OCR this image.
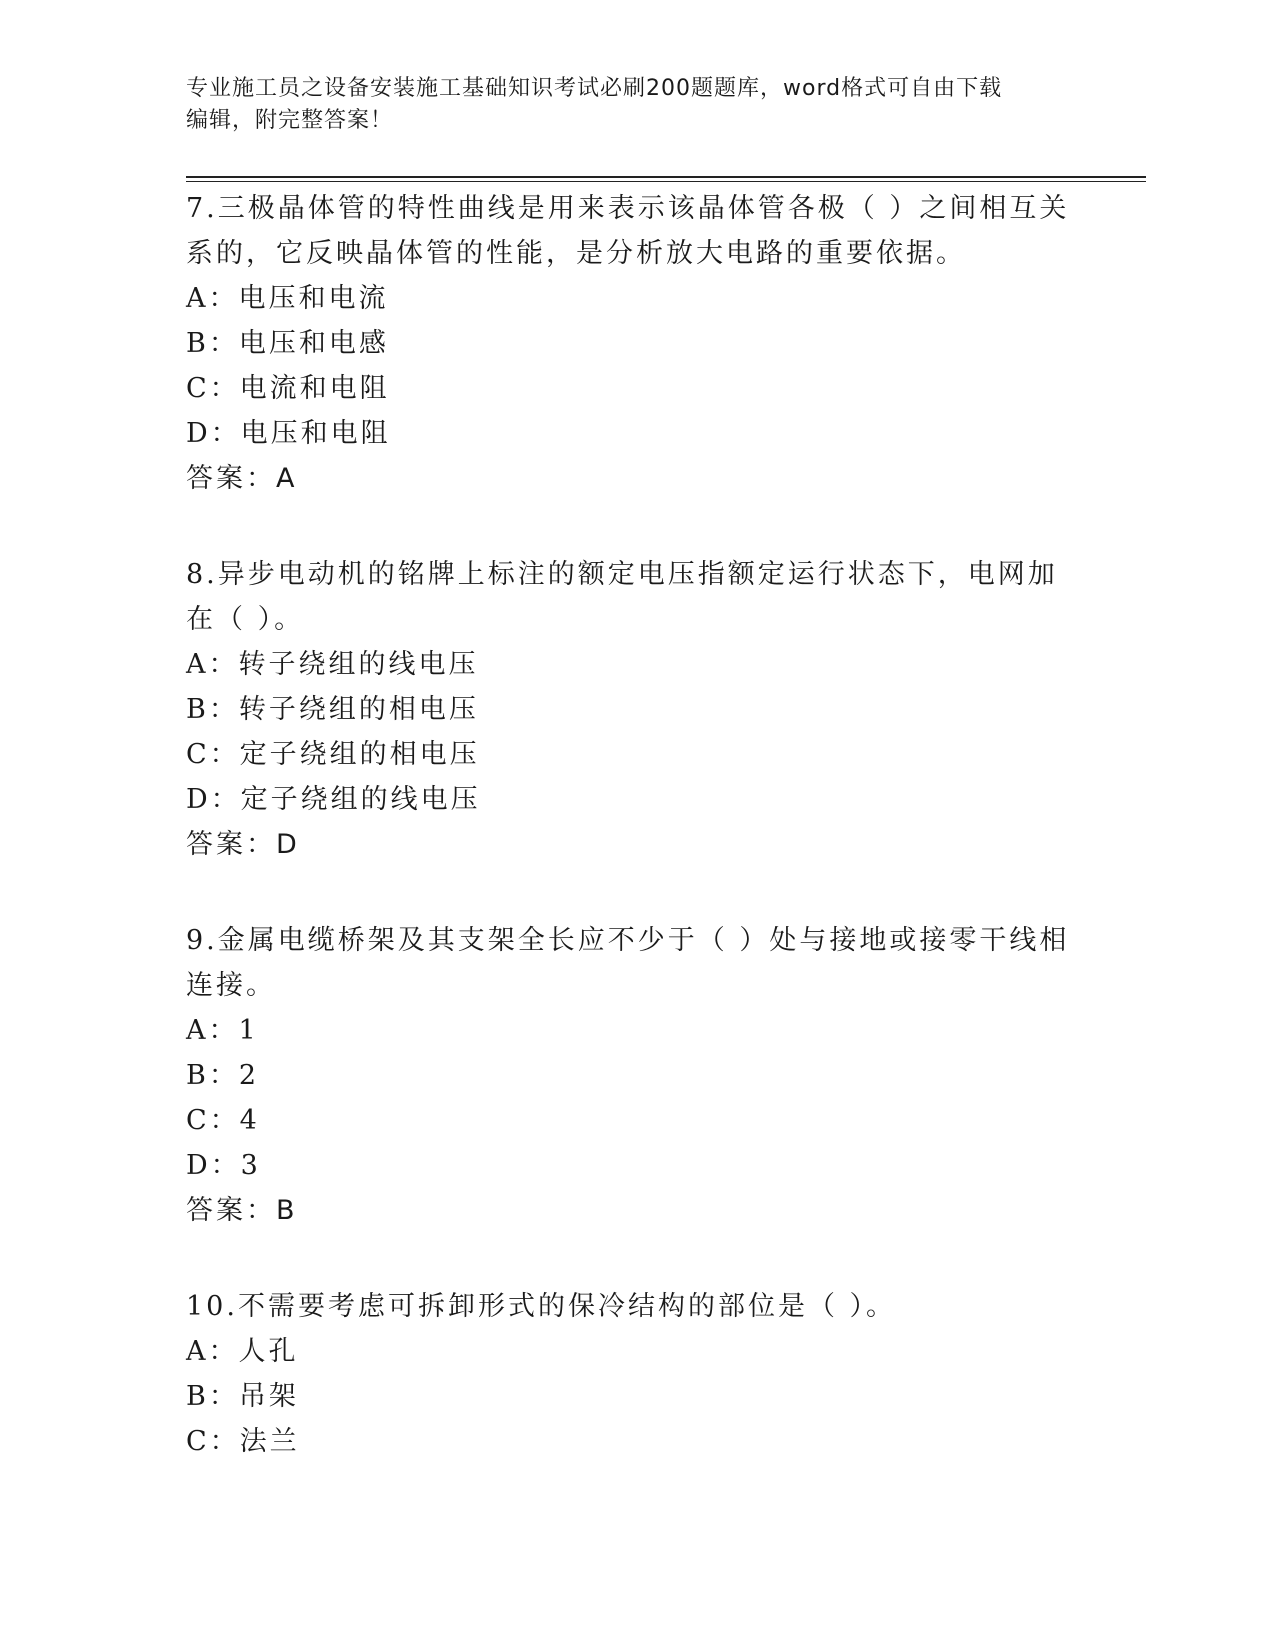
专业施工员之设备安装施工基础知识考试必刷200题题库，word格式可自由下载
编辑，附完整答案！

7.三极晶体管的特性曲线是用来表示该晶体管各极（ ）之间相互关系的，它反映晶体管的性能，是分析放大电路的重要依据。

A：电压和电流

B：电压和电感

C：电流和电阻

D：电压和电阻

答案：A

8.异步电动机的铭牌上标注的额定电压指额定运行状态下，电网加在（ ）。

A：转子绕组的线电压

B：转子绕组的相电压

C：定子绕组的相电压

D：定子绕组的线电压

答案：D

9.金属电缆桥架及其支架全长应不少于（ ）处与接地或接零干线相连接。

A：1

B：2

C：4

D：3

答案：B

10.不需要考虑可拆卸形式的保冷结构的部位是（ ）。

A：人孔

B：吊架

C：法兰
